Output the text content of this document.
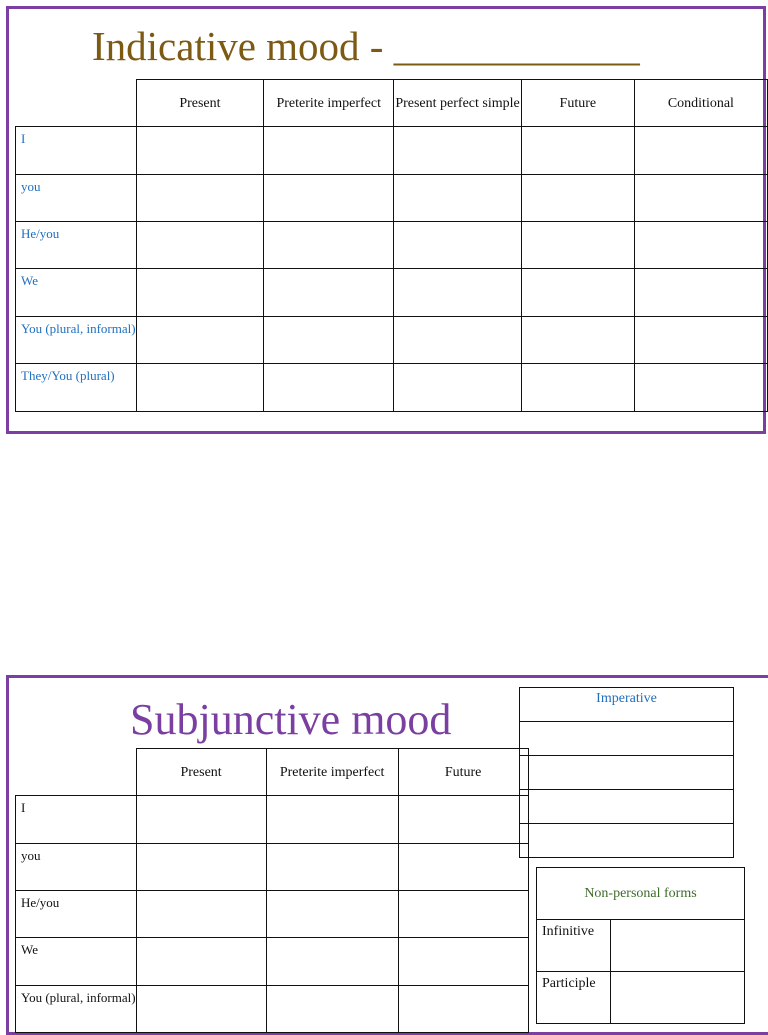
Indicative mood - ____________
	Present	Preterite imperfect	Present perfect simple	Future	Conditional
I					
you					
He/you					
We					
You (plural, informal)					
They/You (plural)					
Subjunctive mood
	Present	Preterite imperfect	Future
I			
you			
He/you			
We			
You (plural, informal)			
Imperative

Non-personal forms	
Infinitive	
Participle	
